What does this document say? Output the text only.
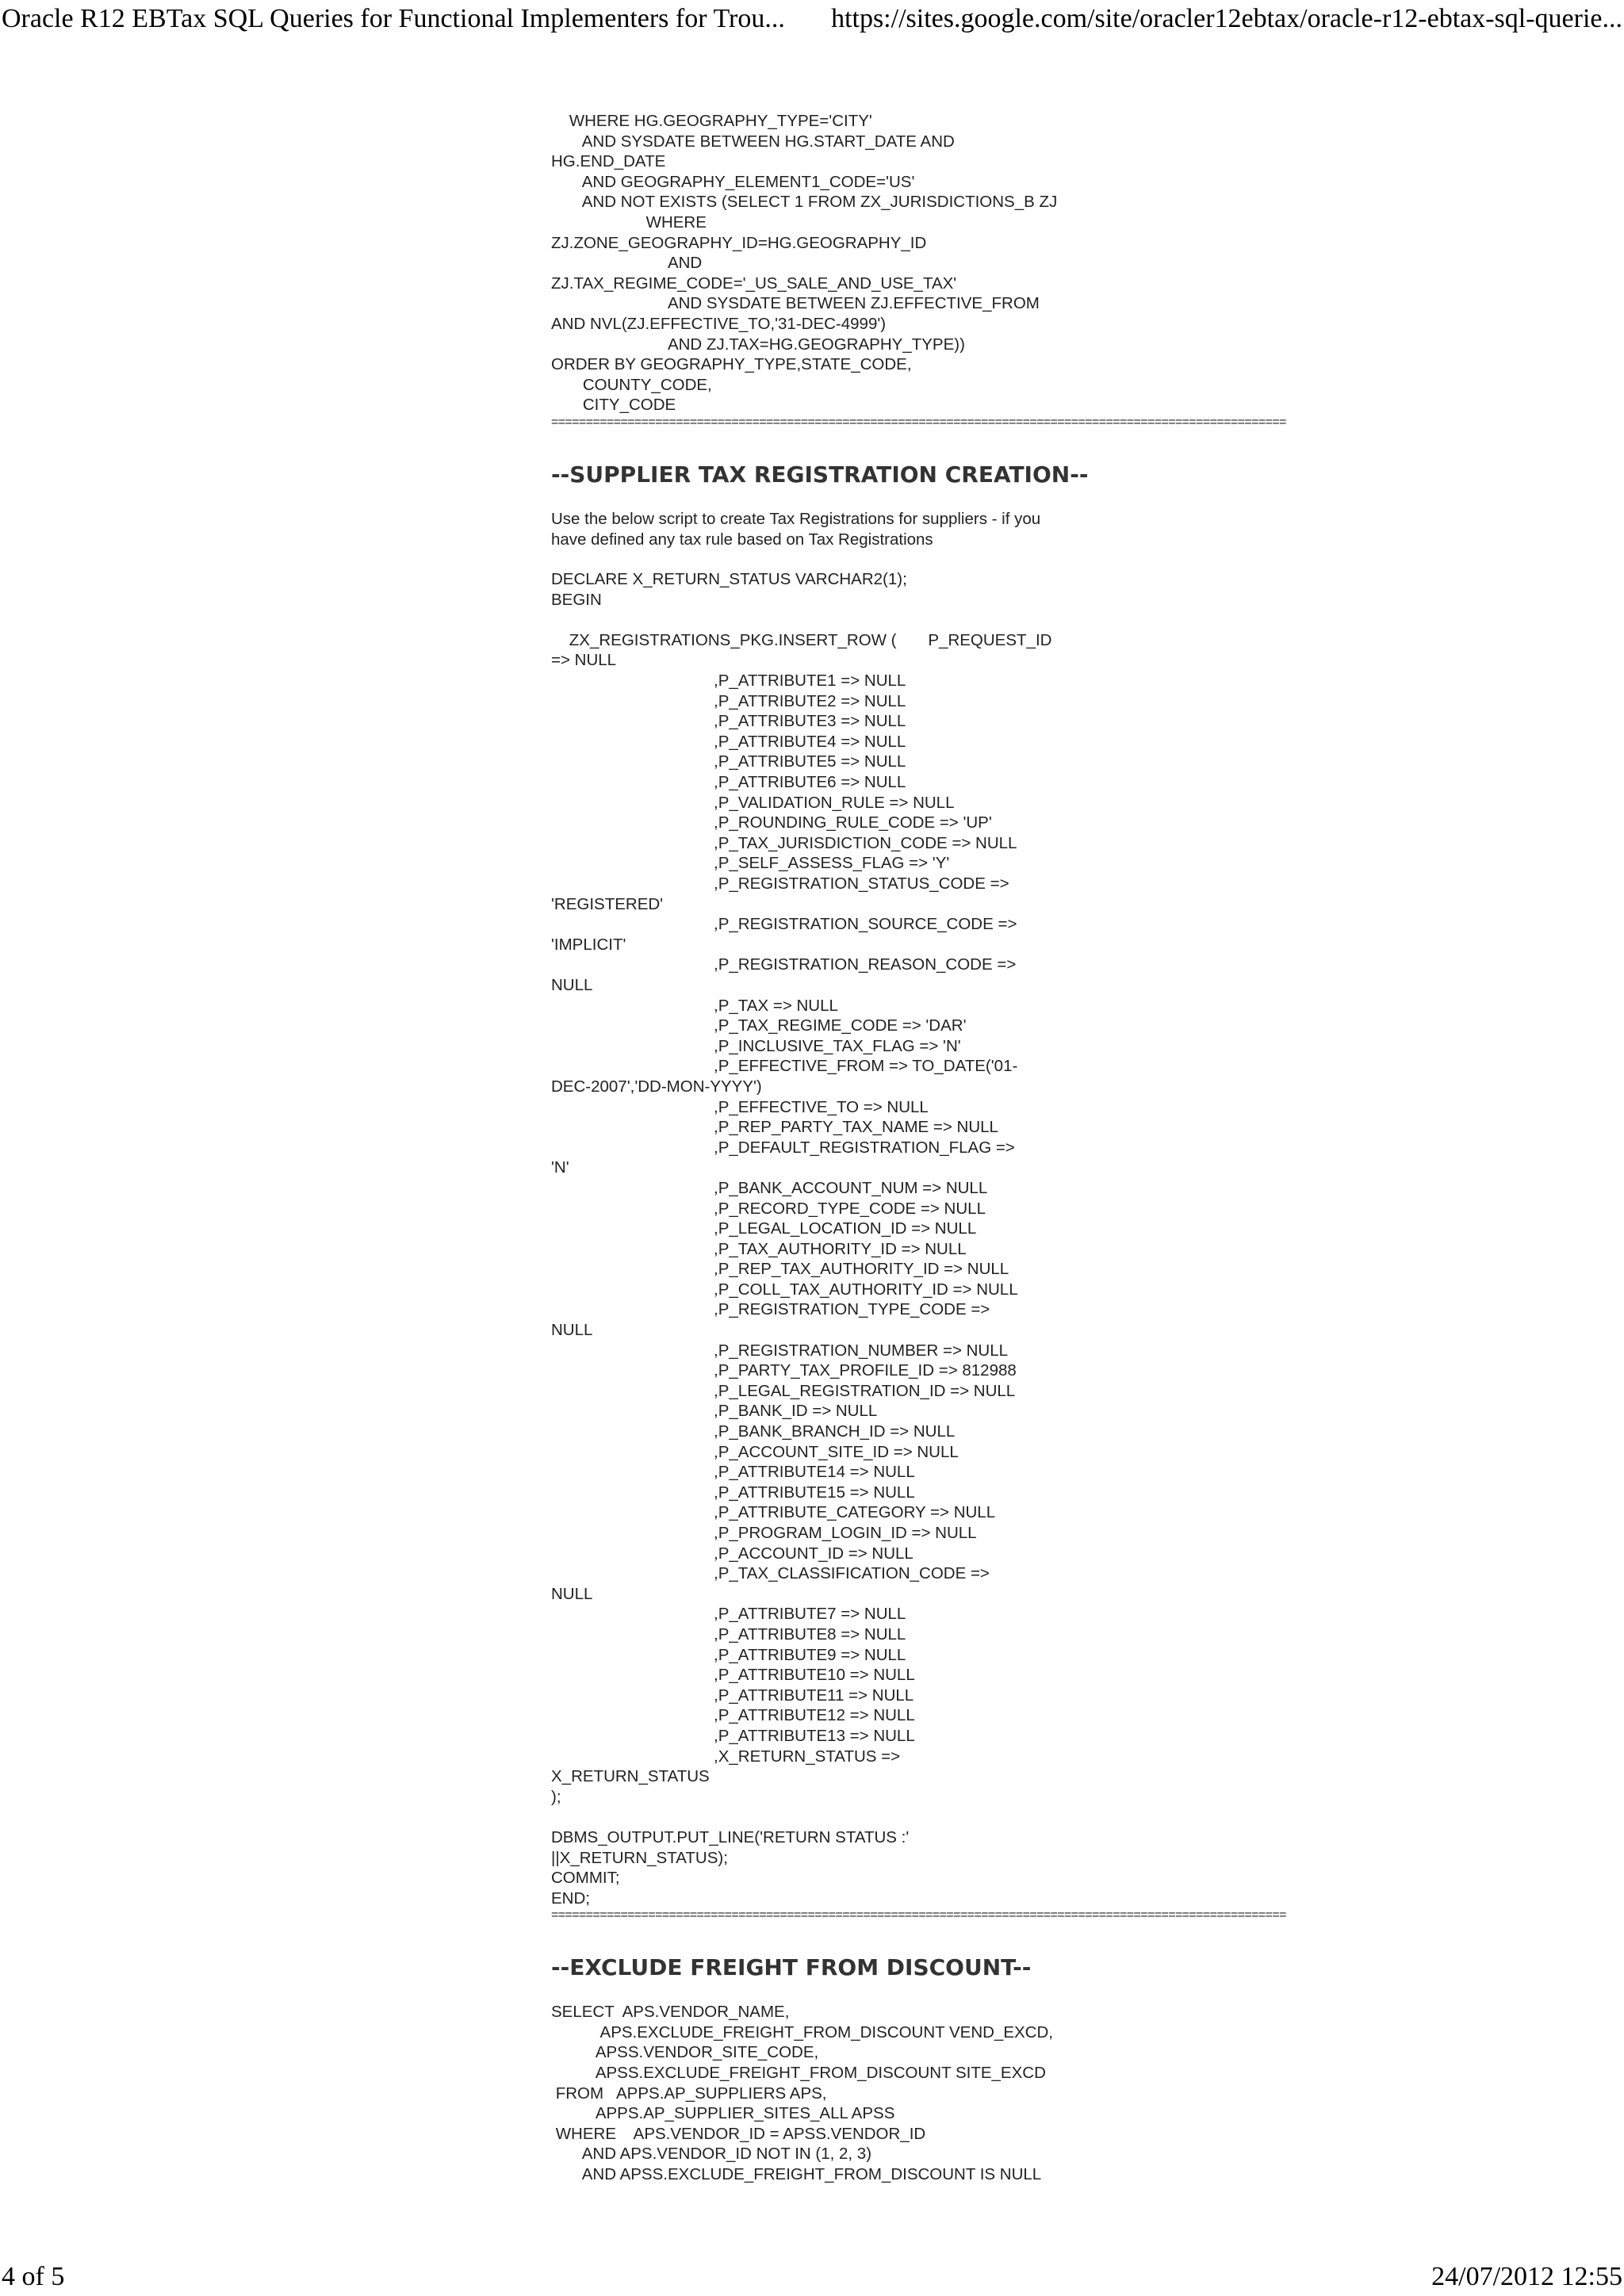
Oracle R12 EBTax SQL Queries for Functional Implementers for Trou... https://sites.google.com/site/oracler12ebtax/oracle-r12-ebtax-sql-querie...
WHERE HG.GEOGRAPHY_TYPE='CITY'
AND SYSDATE BETWEEN HG.START_DATE AND
HG.END_DATE
AND GEOGRAPHY_ELEMENT1_CODE='US'
AND NOT EXISTS (SELECT 1 FROM ZX_JURISDICTIONS_B ZJ
WHERE
ZJ.ZONE_GEOGRAPHY_ID=HG.GEOGRAPHY_ID
AND
ZJ.TAX_REGIME_CODE='_US_SALE_AND_USE_TAX'
AND SYSDATE BETWEEN ZJ.EFFECTIVE_FROM
AND NVL(ZJ.EFFECTIVE_TO,'31-DEC-4999')
AND ZJ.TAX=HG.GEOGRAPHY_TYPE))
ORDER BY GEOGRAPHY_TYPE,STATE_CODE,
COUNTY_CODE,
CITY_CODE
==========================================================================================================
--SUPPLIER TAX REGISTRATION CREATION--

Use the below script to create Tax Registrations for suppliers - if you have defined any tax rule based on Tax Registrations

DECLARE X_RETURN_STATUS VARCHAR2(1);
BEGIN

ZX_REGISTRATIONS_PKG.INSERT_ROW (       P_REQUEST_ID
=> NULL
,P_ATTRIBUTE1 => NULL
,P_ATTRIBUTE2 => NULL
,P_ATTRIBUTE3 => NULL
,P_ATTRIBUTE4 => NULL
,P_ATTRIBUTE5 => NULL
,P_ATTRIBUTE6 => NULL
,P_VALIDATION_RULE => NULL
,P_ROUNDING_RULE_CODE => 'UP'
,P_TAX_JURISDICTION_CODE => NULL
,P_SELF_ASSESS_FLAG => 'Y'
,P_REGISTRATION_STATUS_CODE =>
'REGISTERED'
,P_REGISTRATION_SOURCE_CODE =>
'IMPLICIT'
,P_REGISTRATION_REASON_CODE =>
NULL
,P_TAX => NULL
,P_TAX_REGIME_CODE => 'DAR'
,P_INCLUSIVE_TAX_FLAG => 'N'
,P_EFFECTIVE_FROM => TO_DATE('01-
DEC-2007','DD-MON-YYYY')
,P_EFFECTIVE_TO => NULL
,P_REP_PARTY_TAX_NAME => NULL
,P_DEFAULT_REGISTRATION_FLAG =>
'N'
,P_BANK_ACCOUNT_NUM => NULL
,P_RECORD_TYPE_CODE => NULL
,P_LEGAL_LOCATION_ID => NULL
,P_TAX_AUTHORITY_ID => NULL
,P_REP_TAX_AUTHORITY_ID => NULL
,P_COLL_TAX_AUTHORITY_ID => NULL
,P_REGISTRATION_TYPE_CODE =>
NULL
,P_REGISTRATION_NUMBER => NULL
,P_PARTY_TAX_PROFILE_ID => 812988
,P_LEGAL_REGISTRATION_ID => NULL
,P_BANK_ID => NULL
,P_BANK_BRANCH_ID => NULL
,P_ACCOUNT_SITE_ID => NULL
,P_ATTRIBUTE14 => NULL
,P_ATTRIBUTE15 => NULL
,P_ATTRIBUTE_CATEGORY => NULL
,P_PROGRAM_LOGIN_ID => NULL
,P_ACCOUNT_ID => NULL
,P_TAX_CLASSIFICATION_CODE =>
NULL
,P_ATTRIBUTE7 => NULL
,P_ATTRIBUTE8 => NULL
,P_ATTRIBUTE9 => NULL
,P_ATTRIBUTE10 => NULL
,P_ATTRIBUTE11 => NULL
,P_ATTRIBUTE12 => NULL
,P_ATTRIBUTE13 => NULL
,X_RETURN_STATUS =>
X_RETURN_STATUS
);

DBMS_OUTPUT.PUT_LINE('RETURN STATUS :'
||X_RETURN_STATUS);
COMMIT;
END;
==========================================================================================================
--EXCLUDE FREIGHT FROM DISCOUNT--
SELECT  APS.VENDOR_NAME,
APS.EXCLUDE_FREIGHT_FROM_DISCOUNT VEND_EXCD,
APSS.VENDOR_SITE_CODE,
APSS.EXCLUDE_FREIGHT_FROM_DISCOUNT SITE_EXCD
FROM   APPS.AP_SUPPLIERS APS,
APPS.AP_SUPPLIER_SITES_ALL APSS
WHERE    APS.VENDOR_ID = APSS.VENDOR_ID
AND APS.VENDOR_ID NOT IN (1, 2, 3)
AND APSS.EXCLUDE_FREIGHT_FROM_DISCOUNT IS NULL
4 of 5	24/07/2012 12:55
